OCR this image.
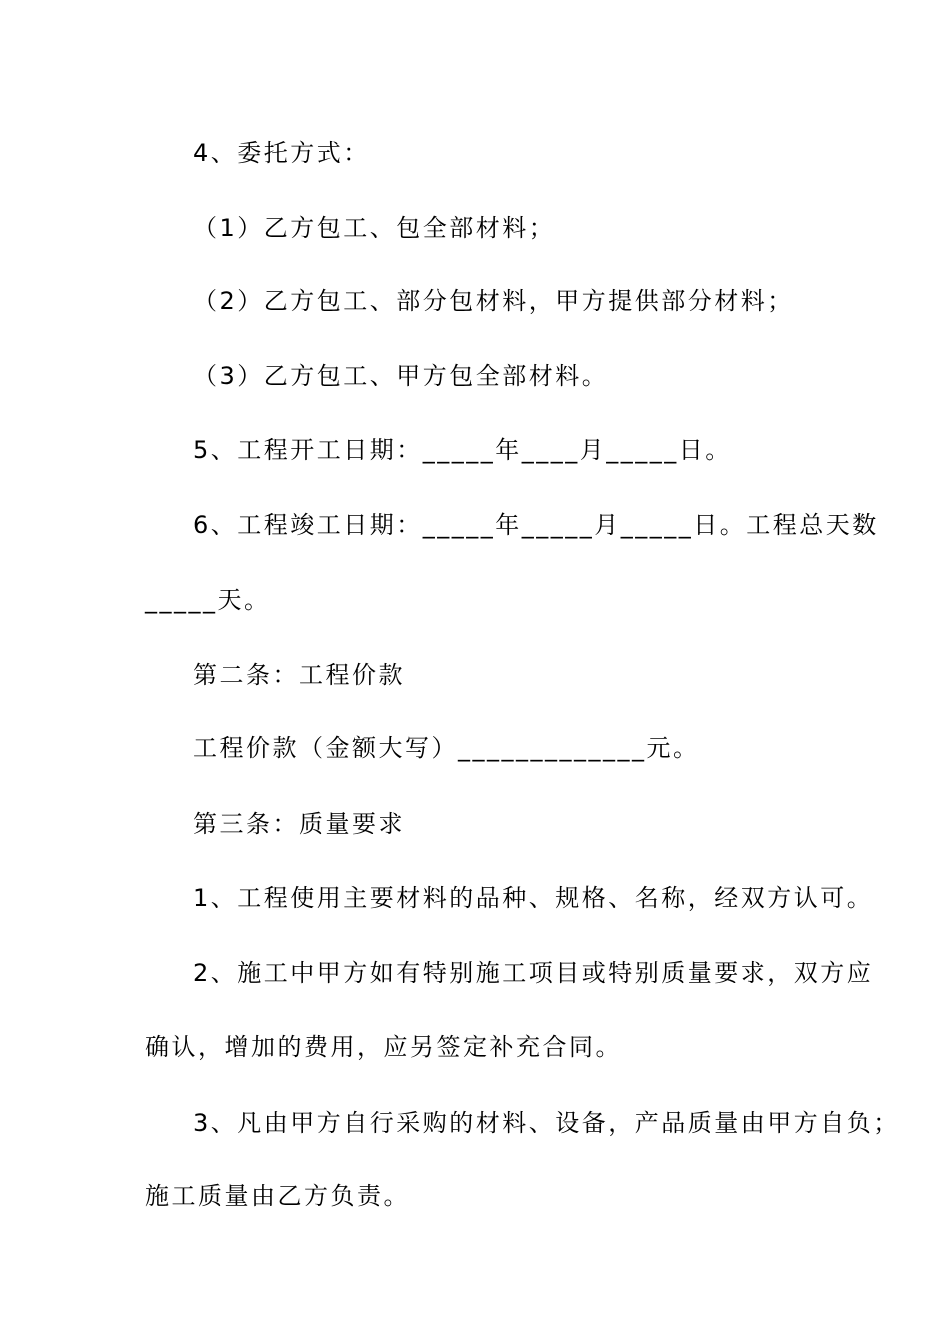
4、委托方式：
（1）乙方包工、包全部材料；
（2）乙方包工、部分包材料，甲方提供部分材料；
（3）乙方包工、甲方包全部材料。
5、工程开工日期：_____年____月_____日。
6、工程竣工日期：_____年_____月_____日。工程总天数
_____天。
第二条：工程价款
工程价款（金额大写）_____________元。
第三条：质量要求
1、工程使用主要材料的品种、规格、名称，经双方认可。
2、施工中甲方如有特别施工项目或特别质量要求，双方应
确认，增加的费用，应另签定补充合同。
3、凡由甲方自行采购的材料、设备，产品质量由甲方自负；
施工质量由乙方负责。
